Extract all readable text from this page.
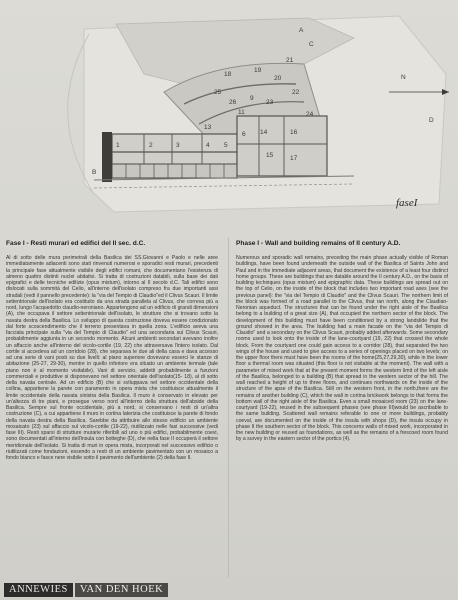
A
B
C
D
N
1	2	3	4 5
6
9
11
13
14
15
16
17
18
19
20
21
22
23
24
25
26
faseI
Fase I - Resti murari ed edifici del II sec. d.C.
Al di sotto delle mura perimetrali della Basilica dei SS.Giovanni e Paolo e nelle aree immediatamente adiacenti sono stati rinvenuti numerosi e sporadici resti murari, precedenti la principale fase attualmente visibile degli edifici romani, che documentano l'esistenza di almeno quattro distinti nuclei abitativi. Si tratta di costruzioni databili, sulla base dei dati epigrafici e delle tecniche edilizie (opus mixtum), intorno al II secolo d.C. Tali edifici sono dislocati sulla sommità del Celio, all'interno dell'isolato compreso fra due importanti assi stradali (vedi il pannello precedente): la "via del Tempio di Claudio"ed il Clivus Scauri. Il limite settentrionale dell'isolato era costituito da una strada parallela al Clivus, che correva più a nord, lungo l'acquedotto claudio-neroniano. Appartengono ad un edificio di grandi dimensioni (A), che occupava il settore settentrionale dell'isolato, le strutture che si trovano sotto la navata destra della Basilica. Lo sviluppo di questa costruzione doveva essere condizionato dal forte scoscendimento che il terreno presentava in quella zona. L'edificio aveva una facciata principale sulla "via del Tempio di Claudio" ed una secondaria sul Clivus Scauri, probabilmente aggiunta in un secondo momento. Alcuni ambienti secondari avevano inoltre un affaccio anche all'interno del vicolo-cortile (19, 22) che attraversava l'intero isolato. Dal cortile si accedeva ad un corridoio (28), che separava le due ali della casa e dava accesso ad una serie di vani posti su due livelli: al piano superiore dovevano esserci le stanze di abitazione (25-27, 29-30), mentre in quello inferiore era situato un ambiente termale (tale piano non è al momento visitabile). Vani di servizio, addetti probabilmente a funzioni commerciali e produttive si disponevano nel settore orientale dell'isolato(15- 18), al di sotto della navata centrale. Ad un edificio (B) che si sviluppava nel settore occidentale della collina, appartiene la parete con paramento in opera mista che costituisce attualmente il limite occidentale della navata sinistra della Basilica. Il muro è conservato in elevato per un'altezza di tre piani, e prosegue verso nord all'interno della struttura dell'abside della Basilica. Sempre sul fronte occidentale, più a nord, si conservano i resti di un'altra costruzione (C), a cui appartiene il muro in cortina laterizia che costituisce la parete di fondo della navata destra della Basilica. Sarebbe da attribuire allo stesso edificio un ambiente mosaicato (23) sul affaccio sul vicolo-cortile (19-22), riutilizzato nelle fasi successive (vedi fase III). Resti sparsi di strutture murarie riferibili ad uno o più edifici, probabilmente coevi, sono documentati all'interno dell'insula con botteghe (D), che nella fase II occuperà il settore meridionale dell'isolato. Si tratta di muri in opera mista, incorporati nel successivo edificio o riutilizzati come fondazioni, essendo a resti di un ambiente pavimentato con un mosaico a fondo bianco e fasce nere visibile sotto il pavimento dell'ambiente (2) della fase II.
Phase I - Wall and building remains of II century A.D.
Numerous and sporadic wall remains, preceding the main phase actually visible of Roman buildings, have been found underneath the outside wall of the Basilica of Saints John and Paul and in the immediate adjacent areas, that document the existence of a least four distinct home groups. These are buildings that are datable around the II century A.D., on the basis of building techniques (opus mixtum) and epigraphic data. These buildings are spread out on the top of Celio, on the inside of the block that includes two important road axes (see the previous panel): the "via del Tempio di Claudio" and the Clivus Scauri. The northern limit of the block was formed of a road parallel to the Clivus, that ran north, along the Claudian-Neronian aqueduct. The structures that can be found under the right aisle of the Basilica belong to a building of a great size (A), that occupied the northern sector of the block. The development of this building must have been conditioned by a strong landslide that the ground showed in the area. The building had a main facade on the "via del Tempio di Claudio" and a secondary on the Clivus Scauri, probably added afterwards. Some secondary rooms used to look onto the inside of the lane-courtyard (19, 22) that crossed the whole block. From the courtyard one could gain access to a corridor (28), that separated the two wings of the house and used to give access to a series of openings placed on two levels; on the upper floor there must have been the rooms of the home(25,27,29,30), while in the lower floor a thermal room was situated (this floor is not visitable at the moment). The wall with a parameter of mixed work that at the present moment forms the western limit of the left aisle of the Basilica, belonged to a building (B) that spread in the western sector of the hill. The wall reached a height of up to three floors, and continues northwards on the inside of the structure of the apse of the Basilica. Still on the western front, in the north,there are the remains of another building (C), which the wall in cortina brickwork belongs to that forms the bottom wall of the right aisle of the Basilica. Even a small mosaiced room (23) on the lane-courtyard (19-22), reused in the subsequent phases (see phase III)would be ascribable to the same building. Scattered wall remains referable to one or more buildings, probably coeval, are documented on the inside of the insula with shops (D), the insula occupy in phase II the southern sector of the block. This concerns walls of mixed work, incorporated in the new building or reused as foundations, as well as the remains of a frescoed room found by a survey in the eastern sector of the portico (4).
ANNEWIES	VAN DEN HOEK
